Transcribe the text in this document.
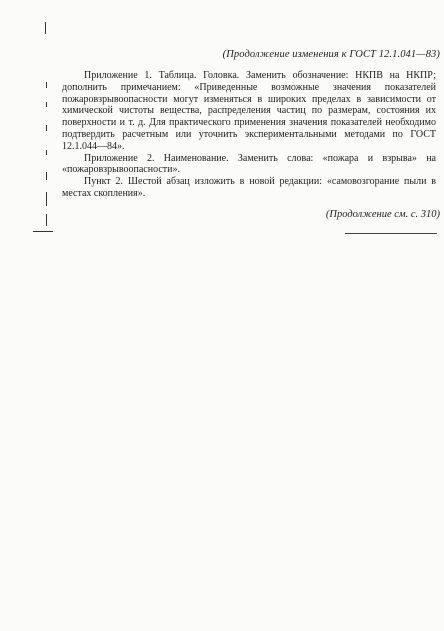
(Продолжение изменения к ГОСТ 12.1.041—83)

Приложение 1. Таблица. Головка. Заменить обозначение: НКПВ на НКПР; дополнить примечанием: «Приведенные возможные значения показателей пожаровзрывоопасности могут изменяться в широких пределах в зависимости от химической чистоты вещества, распределения частиц по размерам, состояния их поверхности и т. д. Для практического применения значения показателей необходимо подтвердить расчетным или уточнить экспериментальными методами по ГОСТ 12.1.044—84».

Приложение 2. Наименование. Заменить слова: «пожара и взрыва» на «пожаровзрывоопасности».

Пункт 2. Шестой абзац изложить в новой редакции: «самовозгорание пыли в местах скопления».

(Продолжение см. с. 310)
